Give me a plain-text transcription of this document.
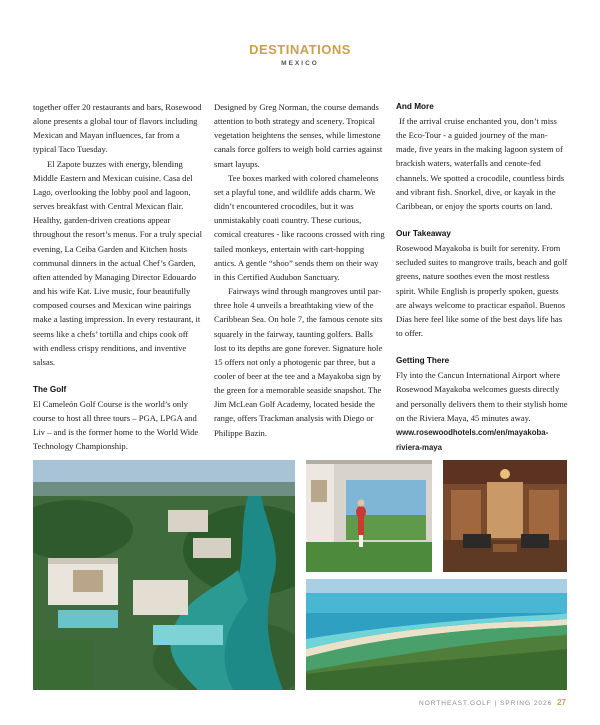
DESTINATIONS
MEXICO

together offer 20 restaurants and bars, Rosewood alone presents a global tour of flavors including Mexican and Mayan influences, far from a typical Taco Tuesday.

El Zapote buzzes with energy, blending Middle Eastern and Mexican cuisine. Casa del Lago, overlooking the lobby pool and lagoon, serves breakfast with Central Mexican flair. Healthy, garden-driven creations appear throughout the resort’s menus. For a truly special evening, La Ceiba Garden and Kitchen hosts communal dinners in the actual Chef’s Garden, often attended by Managing Director Edouardo and his wife Kat. Live music, four beautifully composed courses and Mexican wine pairings make a lasting impression. In every restaurant, it seems like a chefs’ tortilla and chips cook off with endless crispy renditions, and inventive salsas.

The Golf

El Cameleón Golf Course is the world’s only course to host all three tours – PGA, LPGA and Liv – and is the former home to the World Wide Technology Championship.

Designed by Greg Norman, the course demands attention to both strategy and scenery. Tropical vegetation heightens the senses, while limestone canals force golfers to weigh bold carries against smart layups.

Tee boxes marked with colored chameleons set a playful tone, and wildlife adds charm. We didn’t encountered crocodiles, but it was unmistakably coati country. These curious, comical creatures - like racoons crossed with ring tailed monkeys, entertain with cart-hopping antics. A gentle “shoo” sends them on their way in this Certified Audubon Sanctuary.

Fairways wind through mangroves until par-three hole 4 unveils a breathtaking view of the Caribbean Sea. On hole 7, the famous cenote sits squarely in the fairway, taunting golfers. Balls lost to its depths are gone forever. Signature hole 15 offers not only a photogenic par three, but a cooler of beer at the tee and a Mayakoba sign by the green for a memorable seaside snapshot. The Jim McLean Golf Academy, located beside the range, offers Trackman analysis with Diego or Philippe Bazin.

And More

If the arrival cruise enchanted you, don’t miss the Eco-Tour - a guided journey of the man-made, five years in the making lagoon system of brackish waters, waterfalls and cenote-fed channels. We spotted a crocodile, countless birds and vibrant fish. Snorkel, dive, or kayak in the Caribbean, or enjoy the sports courts on land.

Our Takeaway

Rosewood Mayakoba is built for serenity. From secluded suites to mangrove trails, beach and golf greens, nature soothes even the most restless spirit. While English is properly spoken, guests are always welcome to practicar español. Buenos Días here feel like some of the best days life has to offer.

Getting There

Fly into the Cancun International Airport where Rosewood Mayakoba welcomes guests directly and personally delivers them to their stylish home on the Riviera Maya, 45 minutes away. www.rosewoodhotels.com/en/mayakoba-riviera-maya

NORTHEAST.GOLF | SPRING 2026 27
